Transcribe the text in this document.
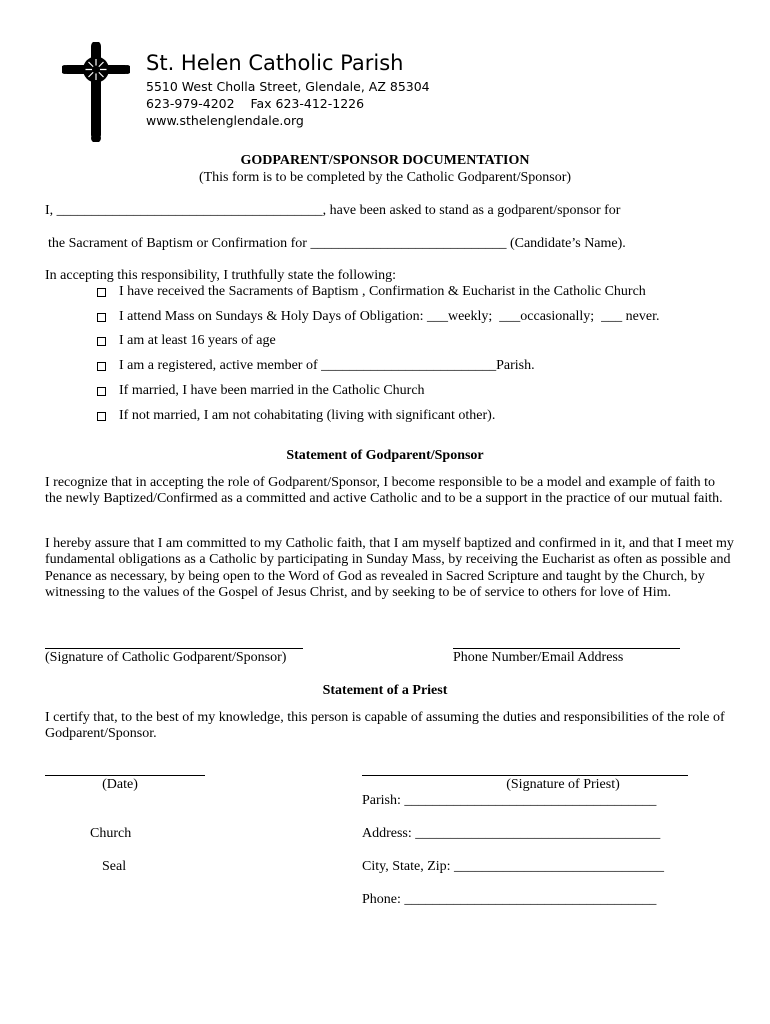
St. Helen Catholic Parish
5510 West Cholla Street, Glendale, AZ 85304
623-979-4202    Fax 623-412-1226
www.sthelenglendale.org
GODPARENT/SPONSOR DOCUMENTATION
(This form is to be completed by the Catholic Godparent/Sponsor)
I, ______________________________________, have been asked to stand as a godparent/sponsor for
the Sacrament of Baptism or Confirmation for ____________________________ (Candidate’s Name).
In accepting this responsibility, I truthfully state the following:
I have received the Sacraments of Baptism , Confirmation & Eucharist in the Catholic Church
I attend Mass on Sundays & Holy Days of Obligation: ___weekly;  ___occasionally;  ___ never.
I am at least 16 years of age
I am a registered, active member of _________________________Parish.
If married, I have been married in the Catholic Church
If not married, I am not cohabitating (living with significant other).
Statement of Godparent/Sponsor
I recognize that in accepting the role of Godparent/Sponsor, I become responsible to be a model and example of faith to the newly Baptized/Confirmed as a committed and active Catholic and to be a support in the practice of our mutual faith.
I hereby assure that I am committed to my Catholic faith, that I am myself baptized and confirmed in it, and that I meet my fundamental obligations as a Catholic by participating in Sunday Mass, by receiving the Eucharist as often as possible and Penance as necessary, by being open to the Word of God as revealed in Sacred Scripture and taught by the Church, by witnessing to the values of the Gospel of Jesus Christ, and by seeking to be of service to others for love of Him.
(Signature of Catholic Godparent/Sponsor)	Phone Number/Email Address
Statement of a Priest
I certify that, to the best of my knowledge, this person is capable of assuming the duties and responsibilities of the role of Godparent/Sponsor.
(Date)	(Signature of Priest)
Parish: ____________________________________
Address: ___________________________________
City, State, Zip: ______________________________
Phone: ____________________________________
Church
Seal
